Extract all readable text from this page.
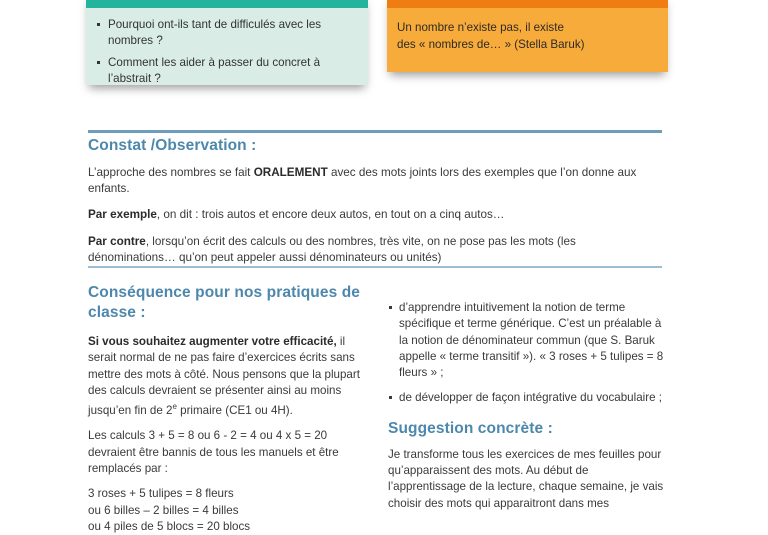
Pourquoi ont-ils tant de difficulés avec les nombres ?
Comment les aider à passer du concret à l’abstrait ?
Un nombre n’existe pas, il existe
des « nombres de… » (Stella Baruk)
Constat /Observation :

L’approche des nombres se fait ORALEMENT avec des mots joints lors des exemples que l’on donne aux enfants.

Par exemple, on dit : trois autos et encore deux autos, en tout on a cinq autos…

Par contre, lorsqu’on écrit des calculs ou des nombres, très vite, on ne pose pas les mots (les dénominations… qu’on peut appeler aussi dénominateurs ou unités)

Conséquence pour nos pratiques de classe :

Si vous souhaitez augmenter votre efficacité, il serait normal de ne pas faire d’exercices écrits sans mettre des mots à côté. Nous pensons que la plupart des calculs devraient se présenter ainsi au moins jusqu’en fin de 2e primaire (CE1 ou 4H).

Les calculs 3 + 5 = 8 ou 6 - 2 = 4 ou 4 x 5 = 20 devraient être bannis de tous les manuels et être remplacés par :

3 roses + 5 tulipes = 8 fleurs

ou 6 billes – 2 billes = 4 billes

ou 4 piles de 5 blocs = 20 blocs

d’apprendre intuitivement la notion de terme spécifique et terme générique. C’est un préalable à la notion de dénominateur commun (que S. Baruk appelle « terme transitif »). « 3 roses + 5 tulipes = 8 fleurs » ;
de développer de façon intégrative du vocabulaire ;
Suggestion concrète :

Je transforme tous les exercices de mes feuilles pour qu’apparaissent des mots. Au début de l’apprentissage de la lecture, chaque semaine, je vais choisir des mots qui apparaitront dans mes
